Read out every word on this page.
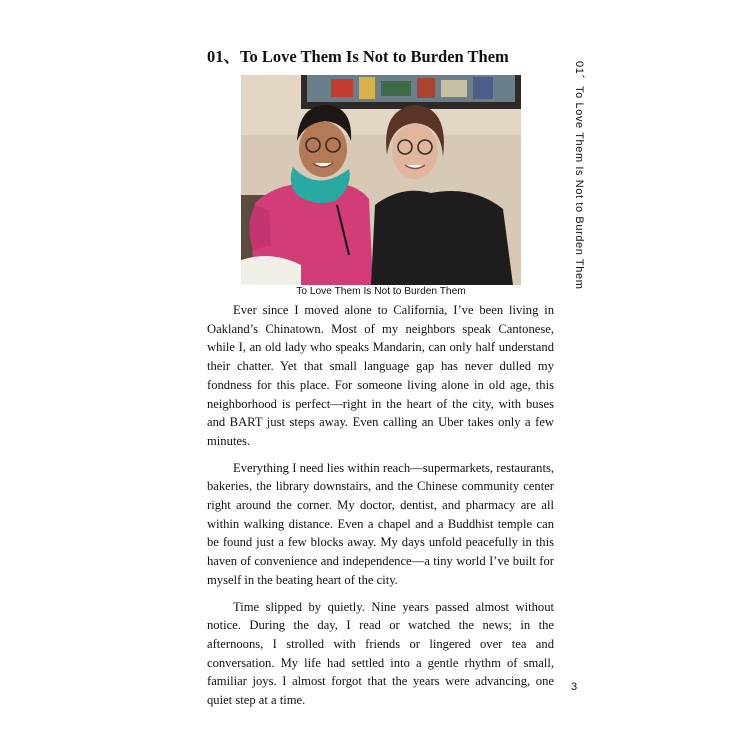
01、To Love Them Is Not to Burden Them
To Love Them Is Not to Burden Them

Ever since I moved alone to California, I’ve been living in Oakland’s Chinatown. Most of my neighbors speak Cantonese, while I, an old lady who speaks Mandarin, can only half understand their chatter. Yet that small language gap has never dulled my fondness for this place. For someone living alone in old age, this neighborhood is perfect—right in the heart of the city, with buses and BART just steps away. Even calling an Uber takes only a few minutes.

Everything I need lies within reach—supermarkets, restaurants, bakeries, the library downstairs, and the Chinese community center right around the corner. My doctor, dentist, and pharmacy are all within walking distance. Even a chapel and a Buddhist temple can be found just a few blocks away. My days unfold peacefully in this haven of convenience and independence—a tiny world I’ve built for myself in the beating heart of the city.

Time slipped by quietly. Nine years passed almost without notice. During the day, I read or watched the news; in the afternoons, I strolled with friends or lingered over tea and conversation. My life had settled into a gentle rhythm of small, familiar joys. I almost forgot that the years were advancing, one quiet step at a time.

01、To Love Them Is Not to Burden Them
3
